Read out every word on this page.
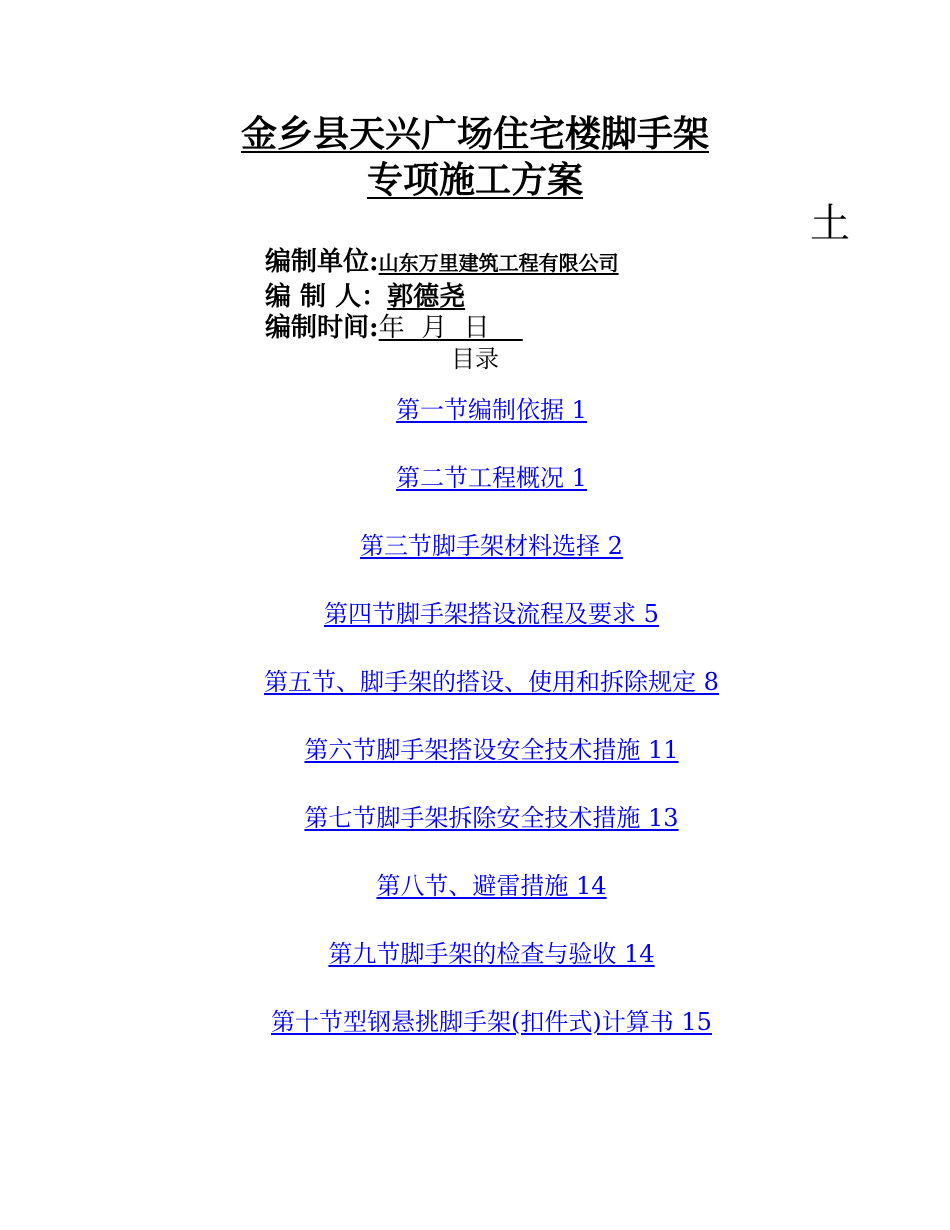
金乡县天兴广场住宅楼脚手架
专项施工方案
土
编制单位:山东万里建筑工程有限公司
编 制 人：郭德尧
编制时间:年  月  日
目录
第一节编制依据 1
第二节工程概况 1
第三节脚手架材料选择 2
第四节脚手架搭设流程及要求 5
第五节、脚手架的搭设、使用和拆除规定 8
第六节脚手架搭设安全技术措施 11
第七节脚手架拆除安全技术措施 13
第八节、避雷措施 14
第九节脚手架的检查与验收 14
第十节型钢悬挑脚手架(扣件式)计算书 15
